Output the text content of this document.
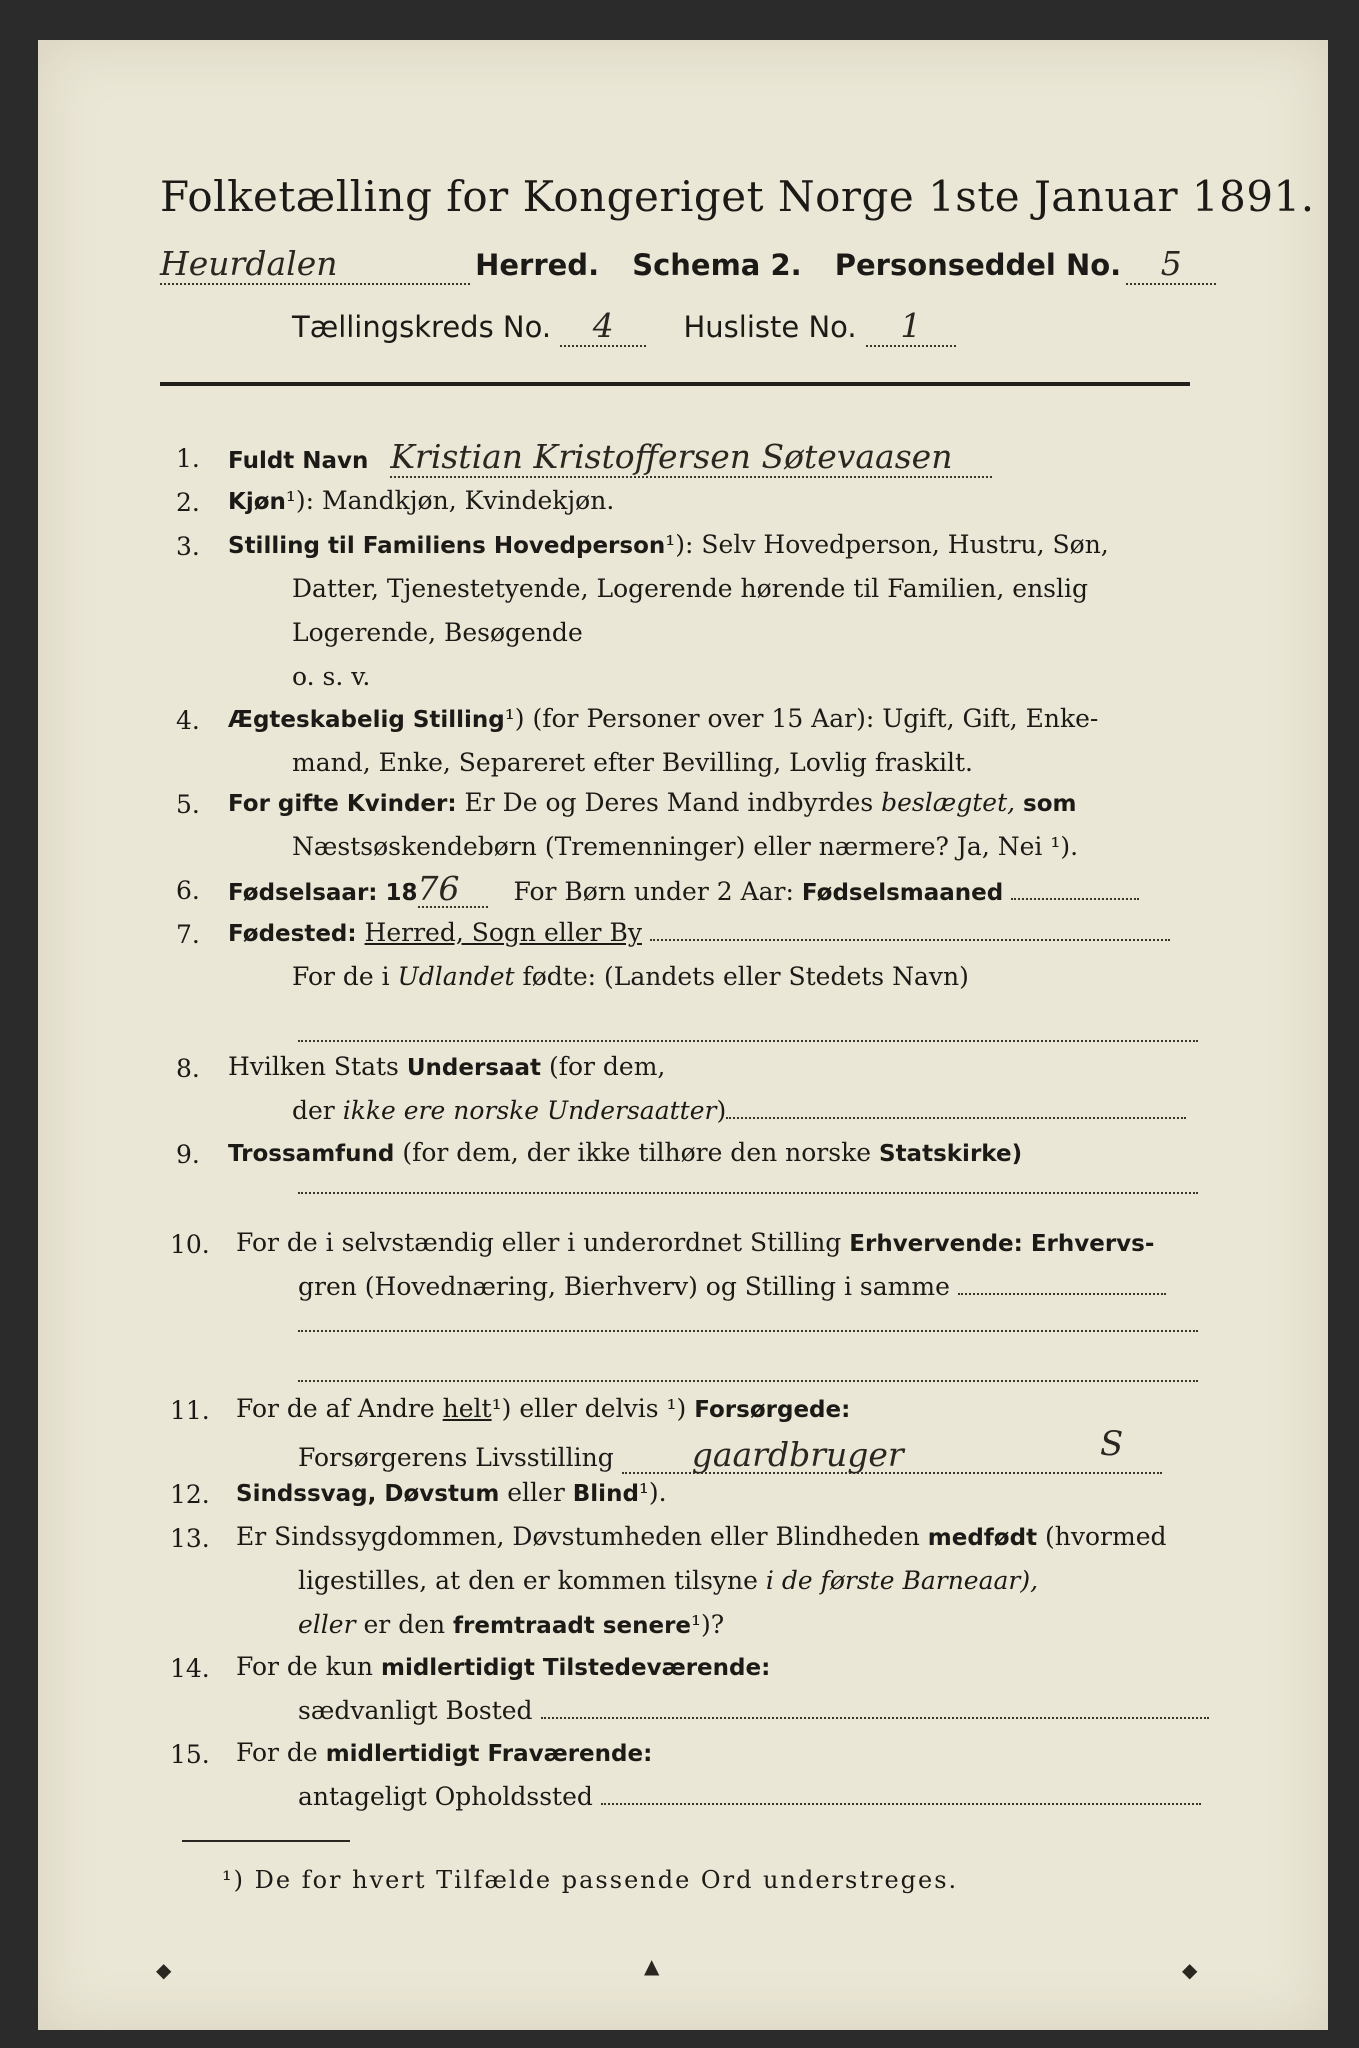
Folketælling for Kongeriget Norge 1ste Januar 1891.
Heurdalen	Herred. Schema 2. Personseddel No. 5
Tællingskreds No. 4 Husliste No. 1
1. Fuldt Navn Kristian Kristoffersen Søtevaasen
2. Kjøn¹): Mandkjøn, Kvindekjøn.
3. Stilling til Familiens Hovedperson¹): Selv Hovedperson, Hustru, Søn,
Datter, Tjenestetyende, Logerende hørende til Familien, enslig
Logerende, Besøgende
o. s. v.
4. Ægteskabelig Stilling¹) (for Personer over 15 Aar): Ugift, Gift, Enke-
mand, Enke, Separeret efter Bevilling, Lovlig fraskilt.
5. For gifte Kvinder: Er De og Deres Mand indbyrdes beslægtet, som
Næstsøskendebørn (Tremenninger) eller nærmere? Ja, Nei ¹).
6. Fødselsaar: 1876 For Børn under 2 Aar: Fødselsmaaned
7. Fødested: Herred, Sogn eller By
For de i Udlandet fødte: (Landets eller Stedets Navn)
8. Hvilken Stats Undersaat (for dem,
der ikke ere norske Undersaatter)
9. Trossamfund (for dem, der ikke tilhøre den norske Statskirke)
10. For de i selvstændig eller i underordnet Stilling Erhvervende: Erhvervs-
gren (Hovednæring, Bierhverv) og Stilling i samme
11. For de af Andre helt¹) eller delvis ¹) Forsørgede:
Forsørgerens Livsstilling gaardbruger	S
12. Sindssvag, Døvstum eller Blind¹).
13. Er Sindssygdommen, Døvstumheden eller Blindheden medfødt (hvormed
ligestilles, at den er kommen tilsyne i de første Barneaar),
eller er den fremtraadt senere¹)?
14. For de kun midlertidigt Tilstedeværende:
sædvanligt Bosted
15. For de midlertidigt Fraværende:
antageligt Opholdssted
¹) De for hvert Tilfælde passende Ord understreges.
◆	▲	◆
